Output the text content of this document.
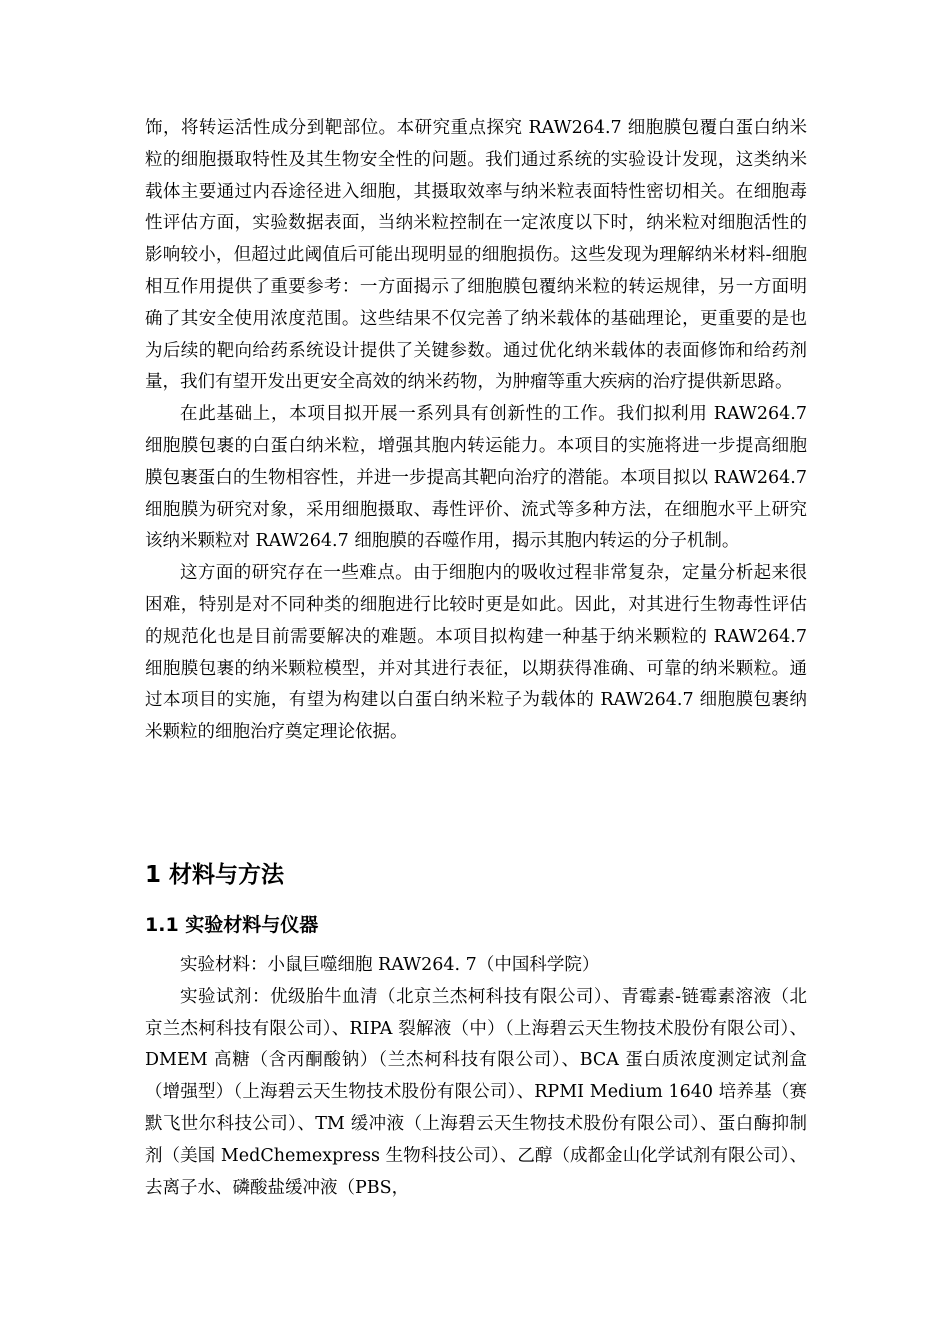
饰，将转运活性成分到靶部位。本研究重点探究 RAW264.7 细胞膜包覆白蛋白纳米粒的细胞摄取特性及其生物安全性的问题。我们通过系统的实验设计发现，这类纳米载体主要通过内吞途径进入细胞，其摄取效率与纳米粒表面特性密切相关。在细胞毒性评估方面，实验数据表面，当纳米粒控制在一定浓度以下时，纳米粒对细胞活性的影响较小，但超过此阈值后可能出现明显的细胞损伤。这些发现为理解纳米材料-细胞相互作用提供了重要参考：一方面揭示了细胞膜包覆纳米粒的转运规律，另一方面明确了其安全使用浓度范围。这些结果不仅完善了纳米载体的基础理论，更重要的是也为后续的靶向给药系统设计提供了关键参数。通过优化纳米载体的表面修饰和给药剂量，我们有望开发出更安全高效的纳米药物，为肿瘤等重大疾病的治疗提供新思路。

在此基础上，本项目拟开展一系列具有创新性的工作。我们拟利用 RAW264.7 细胞膜包裹的白蛋白纳米粒，增强其胞内转运能力。本项目的实施将进一步提高细胞膜包裹蛋白的生物相容性，并进一步提高其靶向治疗的潜能。本项目拟以 RAW264.7 细胞膜为研究对象，采用细胞摄取、毒性评价、流式等多种方法，在细胞水平上研究该纳米颗粒对 RAW264.7 细胞膜的吞噬作用，揭示其胞内转运的分子机制。

这方面的研究存在一些难点。由于细胞内的吸收过程非常复杂，定量分析起来很困难，特别是对不同种类的细胞进行比较时更是如此。因此，对其进行生物毒性评估的规范化也是目前需要解决的难题。本项目拟构建一种基于纳米颗粒的 RAW264.7 细胞膜包裹的纳米颗粒模型，并对其进行表征，以期获得准确、可靠的纳米颗粒。通过本项目的实施，有望为构建以白蛋白纳米粒子为载体的 RAW264.7 细胞膜包裹纳米颗粒的细胞治疗奠定理论依据。

1 材料与方法
1.1 实验材料与仪器

实验材料：小鼠巨噬细胞 RAW264. 7（中国科学院）

实验试剂：优级胎牛血清（北京兰杰柯科技有限公司）、青霉素-链霉素溶液（北京兰杰柯科技有限公司）、RIPA 裂解液（中）（上海碧云天生物技术股份有限公司）、DMEM 高糖（含丙酮酸钠）（兰杰柯科技有限公司）、BCA 蛋白质浓度测定试剂盒（增强型）（上海碧云天生物技术股份有限公司）、RPMI Medium 1640 培养基（赛默飞世尔科技公司）、TM 缓冲液（上海碧云天生物技术股份有限公司）、蛋白酶抑制剂（美国 MedChemexpress 生物科技公司）、乙醇（成都金山化学试剂有限公司）、去离子水、磷酸盐缓冲液（PBS，
